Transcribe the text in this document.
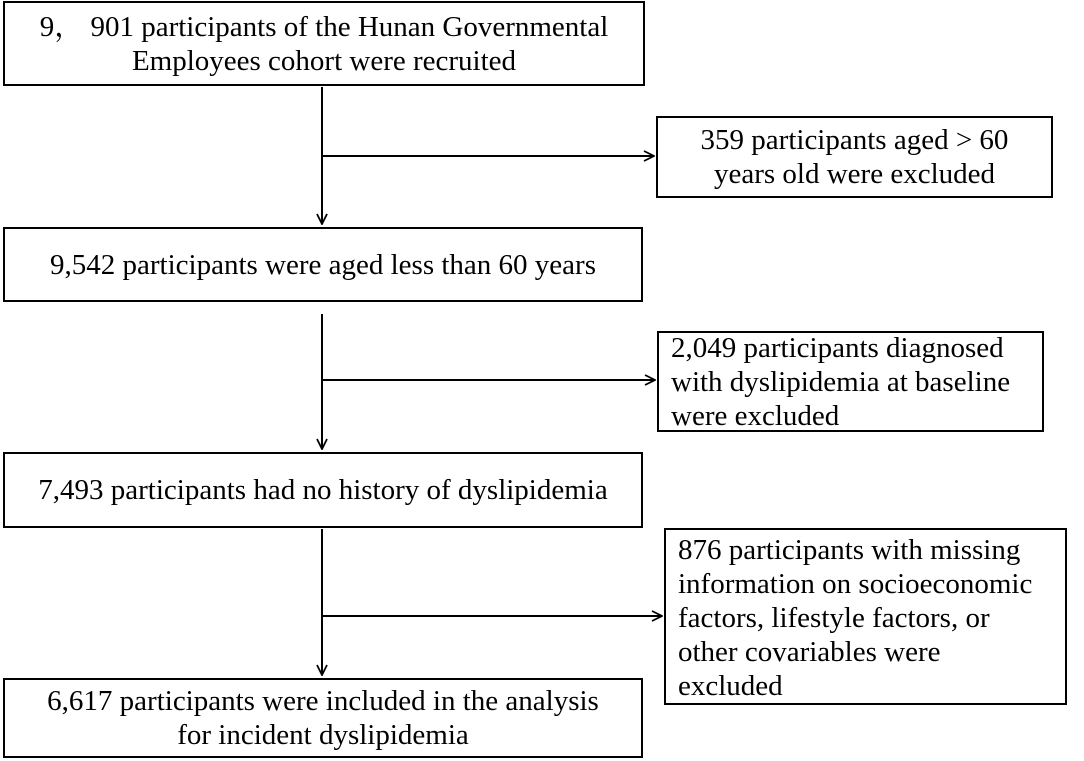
9， 901 participants of the Hunan Governmental
Employees cohort were recruited
359 participants aged > 60
years old were excluded
9,542 participants were aged less than 60 years
2,049 participants diagnosed
with dyslipidemia at baseline
were excluded
7,493 participants had no history of dyslipidemia
876 participants with missing
information on socioeconomic
factors, lifestyle factors, or
other covariables were
excluded
6,617 participants were included in the analysis
for incident dyslipidemia
